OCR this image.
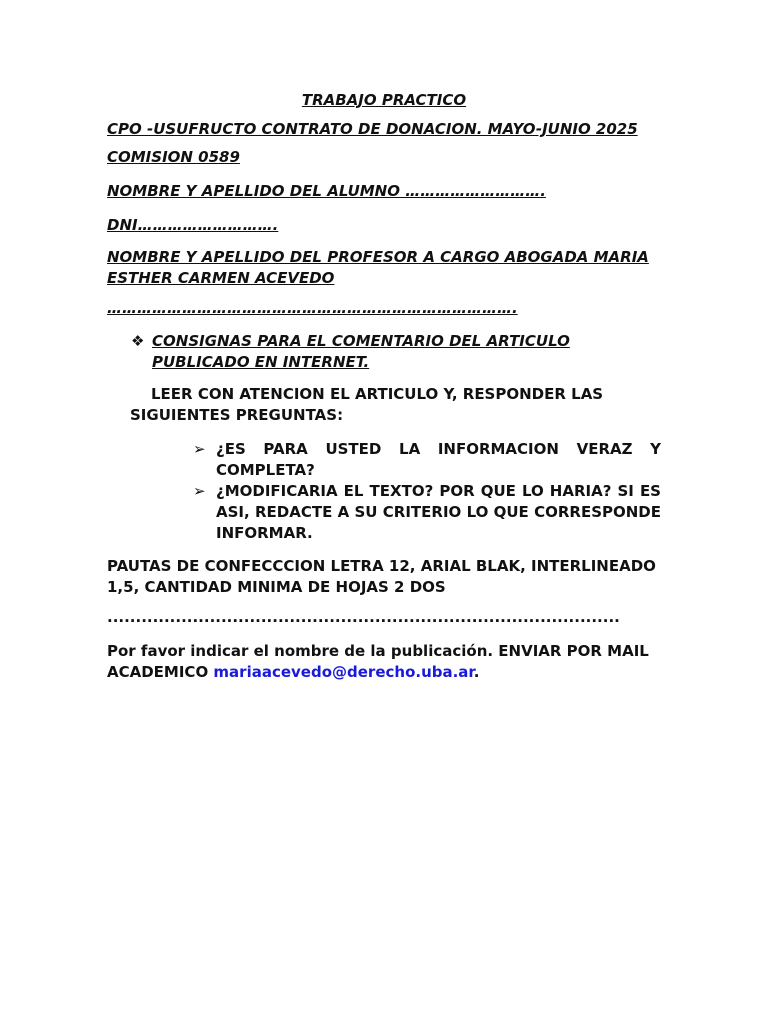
TRABAJO PRACTICO

CPO -USUFRUCTO CONTRATO DE DONACION. MAYO-JUNIO 2025

COMISION 0589

NOMBRE Y APELLIDO DEL ALUMNO ……………………….

DNI……………………….

NOMBRE Y APELLIDO DEL PROFESOR A CARGO ABOGADA MARIA

ESTHER CARMEN ACEVEDO

……………………………………………………………………….

❖ CONSIGNAS PARA EL COMENTARIO DEL ARTICULO PUBLICADO EN INTERNET.

LEER CON ATENCION EL ARTICULO Y, RESPONDER LAS SIGUIENTES PREGUNTAS:

➢ ¿ES PARA USTED LA INFORMACION VERAZ Y COMPLETA?

➢ ¿MODIFICARIA EL TEXTO? POR QUE LO HARIA? SI ES ASI, REDACTE A SU CRITERIO LO QUE CORRESPONDE INFORMAR.

PAUTAS DE CONFECCCION LETRA 12, ARIAL BLAK, INTERLINEADO 1,5, CANTIDAD MINIMA DE HOJAS 2 DOS

..........................................................................................

Por favor indicar el nombre de la publicación. ENVIAR POR MAIL ACADEMICO mariaacevedo@derecho.uba.ar.
